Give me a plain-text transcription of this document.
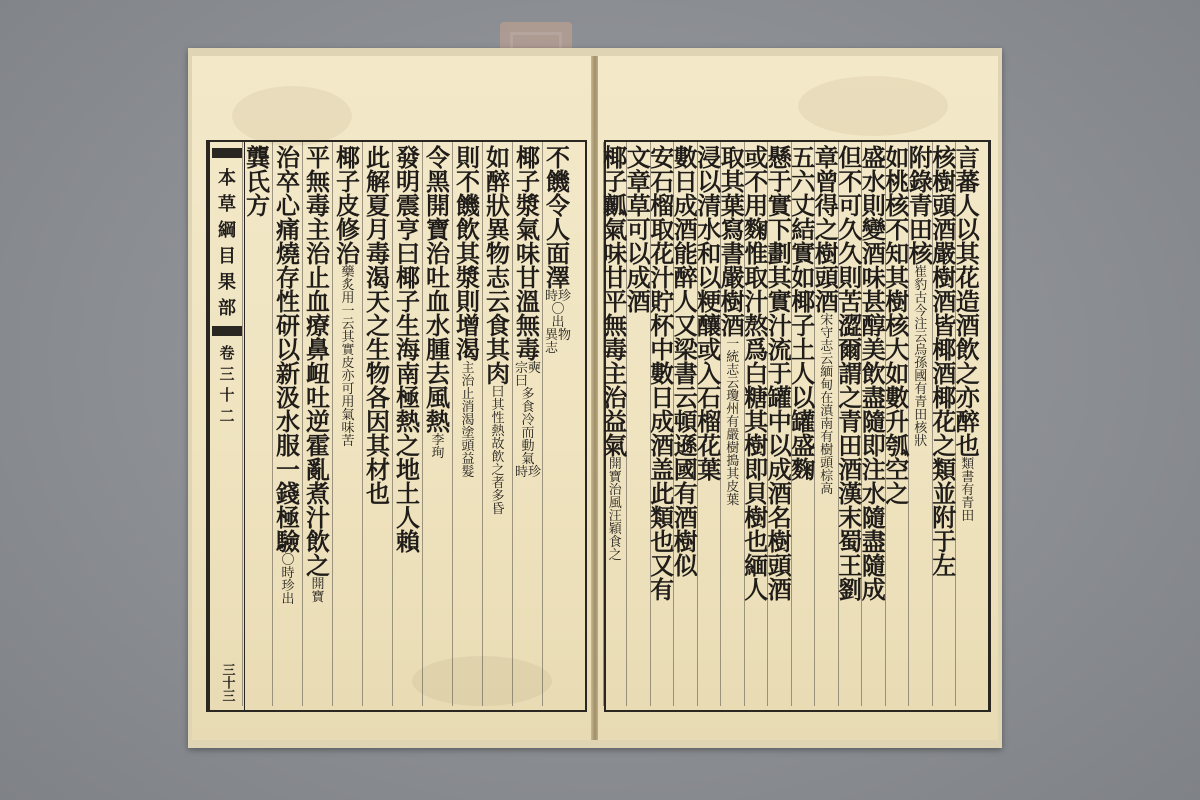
不
饑
令
人
面
澤
時珍
〇
出
異物志
椰
子
漿
氣
味
甘
溫
無
毒
宗奭曰
多
食
冷
而
動
氣
時珍
如
醉
狀
異
物
志
云
食
其
肉
曰
其
性
熱
故
飲
之
者
多
昏
則
不
饑
飲
其
漿
則
增
渴
主
治
止
消
渴
塗
頭
益
髮
令
黑
開
寶
治
吐
血
水
腫
去
風
熱
李
珣
發
明
震
亨
曰
椰
子
生
海
南
極
熱
之
地
土
人
賴
此
解
夏
月
毒
渴
天
之
生
物
各
因
其
材
也
椰
子
皮
修
治
藥
炙
用
一
云
其
實
皮
亦
可
用
氣
味
苦
平
無
毒
主
治
止
血
療
鼻
衄
吐
逆
霍
亂
煮
汁
飲
之
開
寶
治
卒
心
痛
燒
存
性
研
以
新
汲
水
服
一
錢
極
驗
〇
時
珍
出
龔
氏
方
本
草
綱
目
果
部
卷
三
十
二
三十三
言
蕃
人
以
其
花
造
酒
飲
之
亦
醉
也
類
書
有
青
田
核
樹
頭
酒
嚴
樹
酒
皆
椰
酒
椰
花
之
類
並
附
于
左
附
錄
青
田
核
崔
豹
古
今
注
云
烏
孫
國
有
青
田
核
狀
如
桃
核
不
知
其
樹
核
大
如
數
升
瓠
空
之
盛
水
則
變
酒
味
甚
醇
美
飲
盡
隨
即
注
水
隨
盡
隨
成
但
不
可
久
久
則
苦
澀
爾
謂
之
青
田
酒
漢
末
蜀
王
劉
章
曾
得
之
樹
頭
酒
宋
守
志
云
緬
甸
在
滇
南
有
樹
頭
棕
高
五
六
丈
結
實
如
椰
子
土
人
以
罐
盛
麴
懸
于
實
下
劃
其
實
汁
流
于
罐
中
以
成
酒
名
樹
頭
酒
或
不
用
麴
惟
取
汁
熬
爲
白
糖
其
樹
即
貝
樹
也
緬
人
取
其
葉
寫
書
嚴
樹
酒
一
統
志
云
瓊
州
有
嚴
樹
搗
其
皮
葉
浸
以
清
水
和
以
粳
釀
或
入
石
榴
花
葉
數
日
成
酒
能
醉
人
又
梁
書
云
頓
遜
國
有
酒
樹
似
安
石
榴
取
花
汁
貯
杯
中
數
日
成
酒
盖
此
類
也
又
有
文
章
草
可
以
成
酒
椰
子
瓤
氣
味
甘
平
無
毒
主
治
益
氣
開
寶
治
風
汪
穎
食
之
